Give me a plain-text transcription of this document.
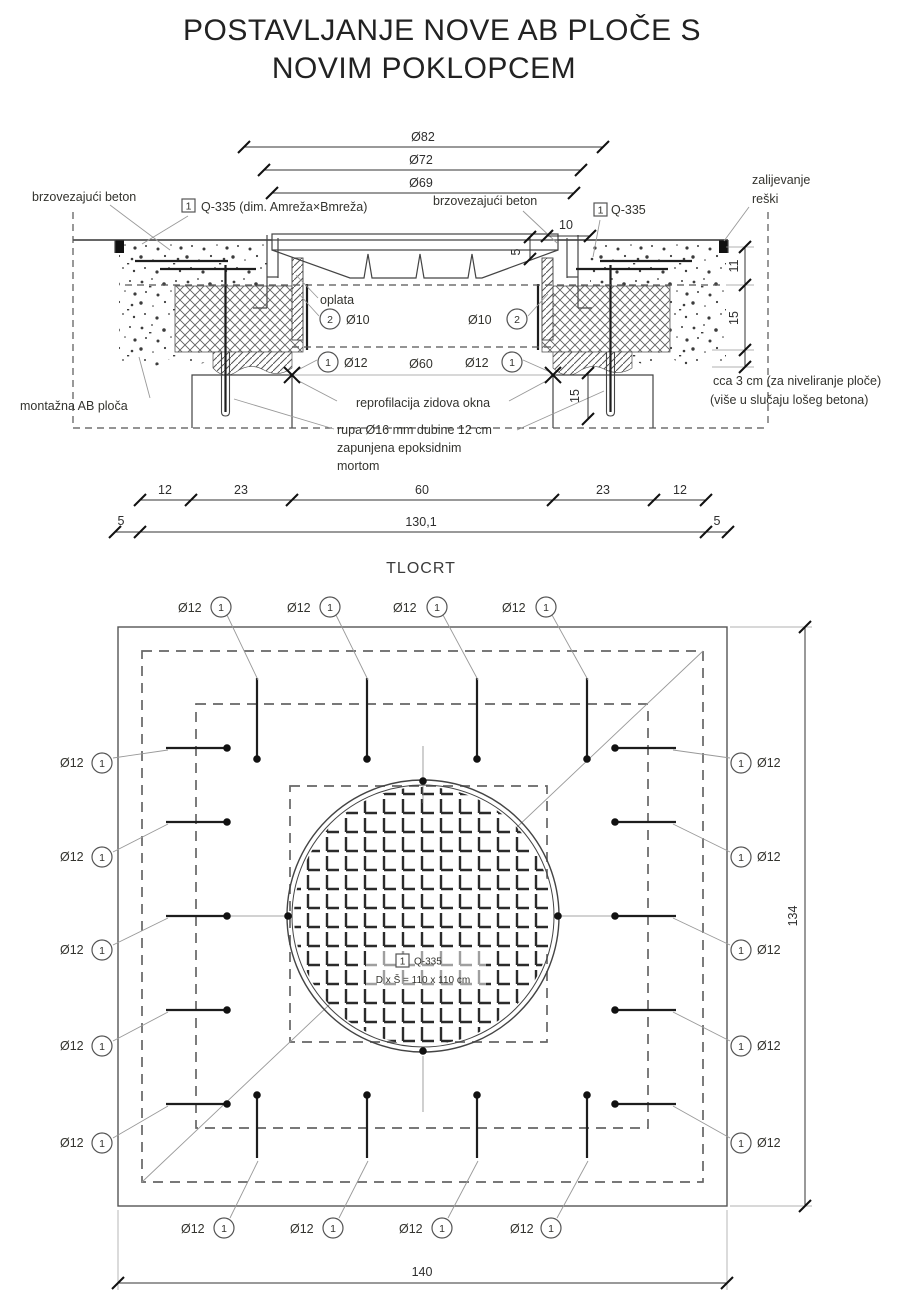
POSTAVLJANJE NOVE AB PLOČE S
NOVIM POKLOPCEM
Ø82
Ø72
Ø69
brzovezajući beton
1 Q-335 (dim. Amreža×Bmreža)	brzovezajući beton
1 Q-335
zalijevanje
reški
oplata
2 Ø10	Ø10 2
1 Ø12	Ø60	Ø12 1
montažna AB ploča	reprofilacija zidova okna
rupa Ø16 mm dubine 12 cm
zapunjena epoksidnim
mortom
cca 3 cm (za niveliranje ploče)
(više u slučaju lošeg betona)
10
5
11
15
15
12	23	60	23	12
5	130,1	5
TLOCRT
Ø12 1	Ø12 1	Ø12 1	Ø12 1
Ø12 1	Ø12 1	Ø12 1	Ø12 1
Ø12 1
Ø12 1
Ø12 1
Ø12 1
Ø12 1
1 Ø12
1 Ø12
1 Ø12
1 Ø12
1 Ø12
1 Q-335
D x Š = 110 x 110 cm
134
140
